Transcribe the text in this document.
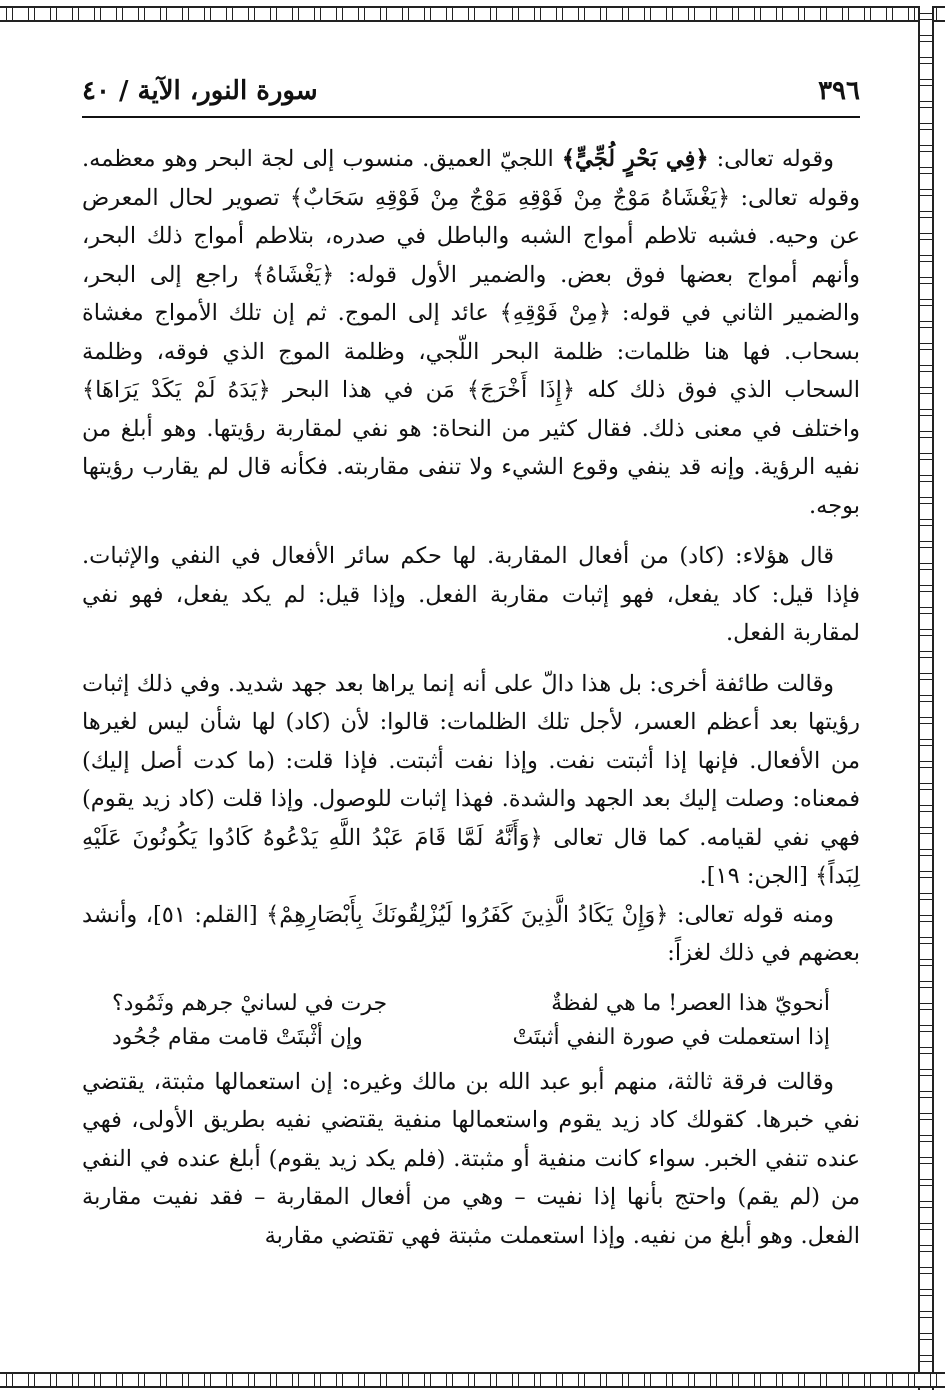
٣٩٦
سورة النور، الآية / ٤٠

وقوله تعالى: ﴿فِي بَحْرٍ لُجِّيٍّ﴾ اللجيّ العميق. منسوب إلى لجة البحر وهو معظمه. وقوله تعالى: ﴿يَغْشَاهُ مَوْجٌ مِنْ فَوْقِهِ مَوْجٌ مِنْ فَوْقِهِ سَحَابٌ﴾ تصوير لحال المعرض عن وحيه. فشبه تلاطم أمواج الشبه والباطل في صدره، بتلاطم أمواج ذلك البحر، وأنهم أمواج بعضها فوق بعض. والضمير الأول قوله: ﴿يَغْشَاهُ﴾ راجع إلى البحر، والضمير الثاني في قوله: ﴿مِنْ فَوْقِهِ﴾ عائد إلى الموج. ثم إن تلك الأمواج مغشاة بسحاب. فها هنا ظلمات: ظلمة البحر اللّجي، وظلمة الموج الذي فوقه، وظلمة السحاب الذي فوق ذلك كله ﴿إِذَا أَخْرَجَ﴾ مَن في هذا البحر ﴿يَدَهُ لَمْ يَكَدْ يَرَاهَا﴾ واختلف في معنى ذلك. فقال كثير من النحاة: هو نفي لمقاربة رؤيتها. وهو أبلغ من نفيه الرؤية. وإنه قد ينفي وقوع الشيء ولا تنفى مقاربته. فكأنه قال لم يقارب رؤيتها بوجه.

قال هؤلاء: (كاد) من أفعال المقاربة. لها حكم سائر الأفعال في النفي والإثبات. فإذا قيل: كاد يفعل، فهو إثبات مقاربة الفعل. وإذا قيل: لم يكد يفعل، فهو نفي لمقاربة الفعل.

وقالت طائفة أخرى: بل هذا دالّ على أنه إنما يراها بعد جهد شديد. وفي ذلك إثبات رؤيتها بعد أعظم العسر، لأجل تلك الظلمات: قالوا: لأن (كاد) لها شأن ليس لغيرها من الأفعال. فإنها إذا أثبتت نفت. وإذا نفت أثبتت. فإذا قلت: (ما كدت أصل إليك) فمعناه: وصلت إليك بعد الجهد والشدة. فهذا إثبات للوصول. وإذا قلت (كاد زيد يقوم) فهي نفي لقيامه. كما قال تعالى ﴿وَأَنَّهُ لَمَّا قَامَ عَبْدُ اللَّهِ يَدْعُوهُ كَادُوا يَكُونُونَ عَلَيْهِ لِبَداً﴾ [الجن: ١٩].

ومنه قوله تعالى: ﴿وَإِنْ يَكَادُ الَّذِينَ كَفَرُوا لَيُزْلِقُونَكَ بِأَبْصَارِهِمْ﴾ [القلم: ٥١]، وأنشد بعضهم في ذلك لغزاً:

أنحويّ هذا العصر! ما هي لفظةٌ
جرت في لسانيْ جرهم وثَمُود؟
إذا استعملت في صورة النفي أثبتَتْ
وإن أثْبتَتْ قامت مقام جُحُود

وقالت فرقة ثالثة، منهم أبو عبد الله بن مالك وغيره: إن استعمالها مثبتة، يقتضي نفي خبرها. كقولك كاد زيد يقوم واستعمالها منفية يقتضي نفيه بطريق الأولى، فهي عنده تنفي الخبر. سواء كانت منفية أو مثبتة. (فلم يكد زيد يقوم) أبلغ عنده في النفي من (لم يقم) واحتج بأنها إذا نفيت – وهي من أفعال المقاربة – فقد نفيت مقاربة الفعل. وهو أبلغ من نفيه. وإذا استعملت مثبتة فهي تقتضي مقاربة
